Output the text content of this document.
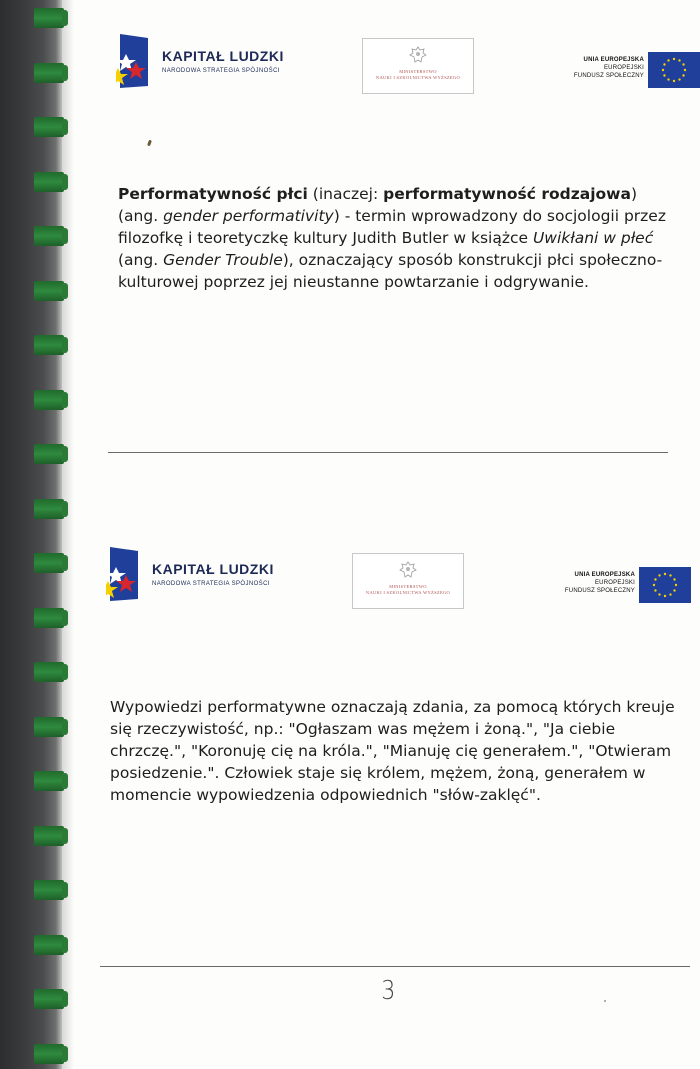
KAPITAŁ LUDZKI
NARODOWA STRATEGIA SPÓJNOŚCI	MINISTERSTWO
NAUKI I SZKOLNICTWA WYŻSZEGO
UNIA EUROPEJSKA
EUROPEJSKI
FUNDUSZ SPOŁECZNY
Performatywność płci (inaczej: performatywność rodzajowa) (ang. gender performativity) - termin wprowadzony do socjologii przez filozofkę i teoretyczkę kultury Judith Butler w książce Uwikłani w płeć (ang. Gender Trouble), oznaczający sposób konstrukcji płci społeczno-kulturowej poprzez jej nieustanne powtarzanie i odgrywanie.
KAPITAŁ LUDZKI
NARODOWA STRATEGIA SPÓJNOŚCI	MINISTERSTWO
NAUKI I SZKOLNICTWA WYŻSZEGO
UNIA EUROPEJSKA
EUROPEJSKI
FUNDUSZ SPOŁECZNY
Wypowiedzi performatywne oznaczają zdania, za pomocą których kreuje się rzeczywistość, np.: "Ogłaszam was mężem i żoną.", "Ja ciebie chrzczę.", "Koronuję cię na króla.", "Mianuję cię generałem.", "Otwieram posiedzenie.". Człowiek staje się królem, mężem, żoną, generałem w momencie wypowiedzenia odpowiednich "słów-zaklęć".
3
